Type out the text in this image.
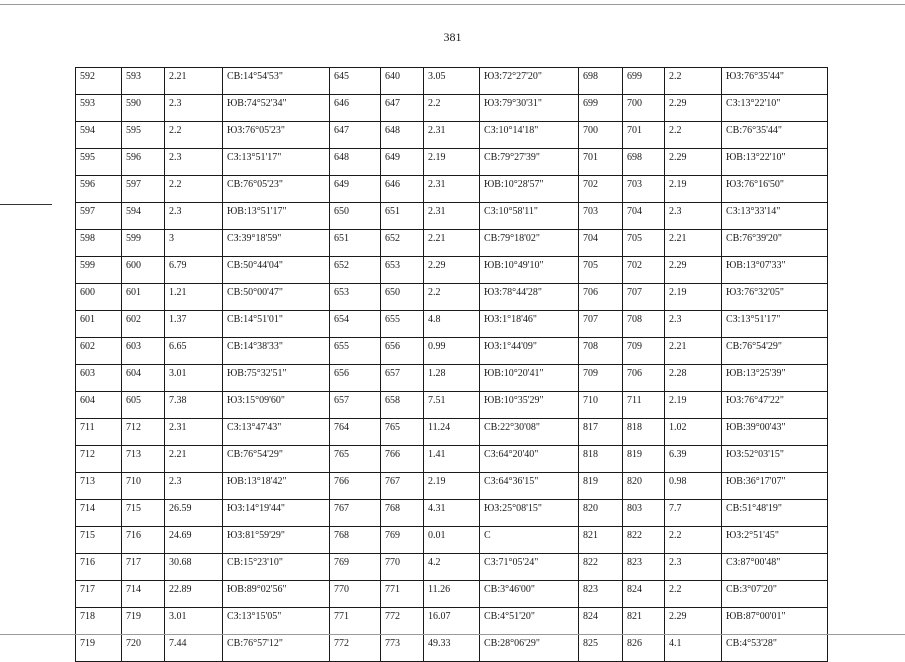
381
592	593	2.21	СВ:14°54'53"	645	640	3.05	ЮЗ:72°27'20"	698	699	2.2	ЮЗ:76°35'44"
593	590	2.3	ЮВ:74°52'34"	646	647	2.2	ЮЗ:79°30'31"	699	700	2.29	СЗ:13°22'10"
594	595	2.2	ЮЗ:76°05'23"	647	648	2.31	СЗ:10°14'18"	700	701	2.2	СВ:76°35'44"
595	596	2.3	СЗ:13°51'17"	648	649	2.19	СВ:79°27'39"	701	698	2.29	ЮВ:13°22'10"
596	597	2.2	СВ:76°05'23"	649	646	2.31	ЮВ:10°28'57"	702	703	2.19	ЮЗ:76°16'50"
597	594	2.3	ЮВ:13°51'17"	650	651	2.31	СЗ:10°58'11"	703	704	2.3	СЗ:13°33'14"
598	599	3	СЗ:39°18'59"	651	652	2.21	СВ:79°18'02"	704	705	2.21	СВ:76°39'20"
599	600	6.79	СВ:50°44'04"	652	653	2.29	ЮВ:10°49'10"	705	702	2.29	ЮВ:13°07'33"
600	601	1.21	СВ:50°00'47"	653	650	2.2	ЮЗ:78°44'28"	706	707	2.19	ЮЗ:76°32'05"
601	602	1.37	СВ:14°51'01"	654	655	4.8	ЮЗ:1°18'46"	707	708	2.3	СЗ:13°51'17"
602	603	6.65	СВ:14°38'33"	655	656	0.99	ЮЗ:1°44'09"	708	709	2.21	СВ:76°54'29"
603	604	3.01	ЮВ:75°32'51"	656	657	1.28	ЮВ:10°20'41"	709	706	2.28	ЮВ:13°25'39"
604	605	7.38	ЮЗ:15°09'60"	657	658	7.51	ЮВ:10°35'29"	710	711	2.19	ЮЗ:76°47'22"
711	712	2.31	СЗ:13°47'43"	764	765	11.24	СВ:22°30'08"	817	818	1.02	ЮВ:39°00'43"
712	713	2.21	СВ:76°54'29"	765	766	1.41	СЗ:64°20'40"	818	819	6.39	ЮЗ:52°03'15"
713	710	2.3	ЮВ:13°18'42"	766	767	2.19	СЗ:64°36'15"	819	820	0.98	ЮВ:36°17'07"
714	715	26.59	ЮЗ:14°19'44"	767	768	4.31	ЮЗ:25°08'15"	820	803	7.7	СВ:51°48'19"
715	716	24.69	ЮЗ:81°59'29"	768	769	0.01	С	821	822	2.2	ЮЗ:2°51'45"
716	717	30.68	СВ:15°23'10"	769	770	4.2	СЗ:71°05'24"	822	823	2.3	СЗ:87°00'48"
717	714	22.89	ЮВ:89°02'56"	770	771	11.26	СВ:3°46'00"	823	824	2.2	СВ:3°07'20"
718	719	3.01	СЗ:13°15'05"	771	772	16.07	СВ:4°51'20"	824	821	2.29	ЮВ:87°00'01"
719	720	7.44	СВ:76°57'12"	772	773	49.33	СВ:28°06'29"	825	826	4.1	СВ:4°53'28"
